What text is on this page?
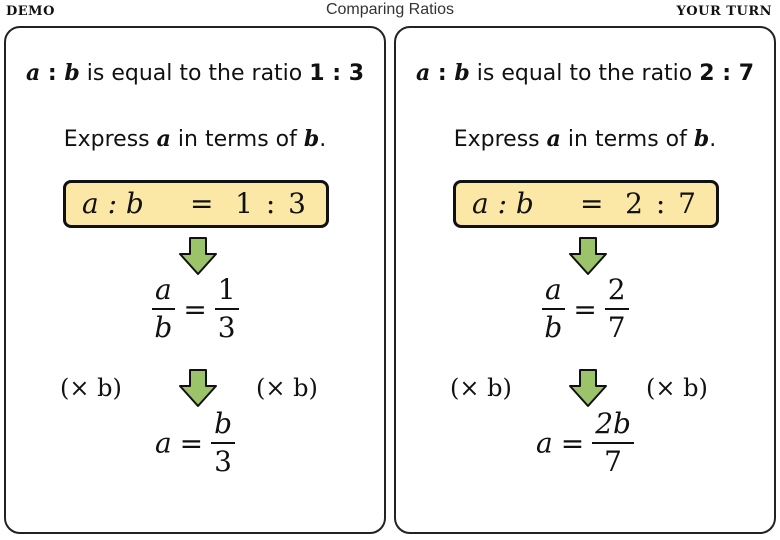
DEMO	Comparing Ratios	YOUR TURN
a : b is equal to the ratio 1 : 3
Express a in terms of b.
a : b = 1 : 3
$\frac{a}{b} = \frac{1}{3}$
(× b)	(× b)
$a = \frac{b}{3}$
a : b is equal to the ratio 2 : 7
Express a in terms of b.
a : b = 2 : 7
$\frac{a}{b} = \frac{2}{7}$
(× b)	(× b)
$a = \frac{2b}{7}$
